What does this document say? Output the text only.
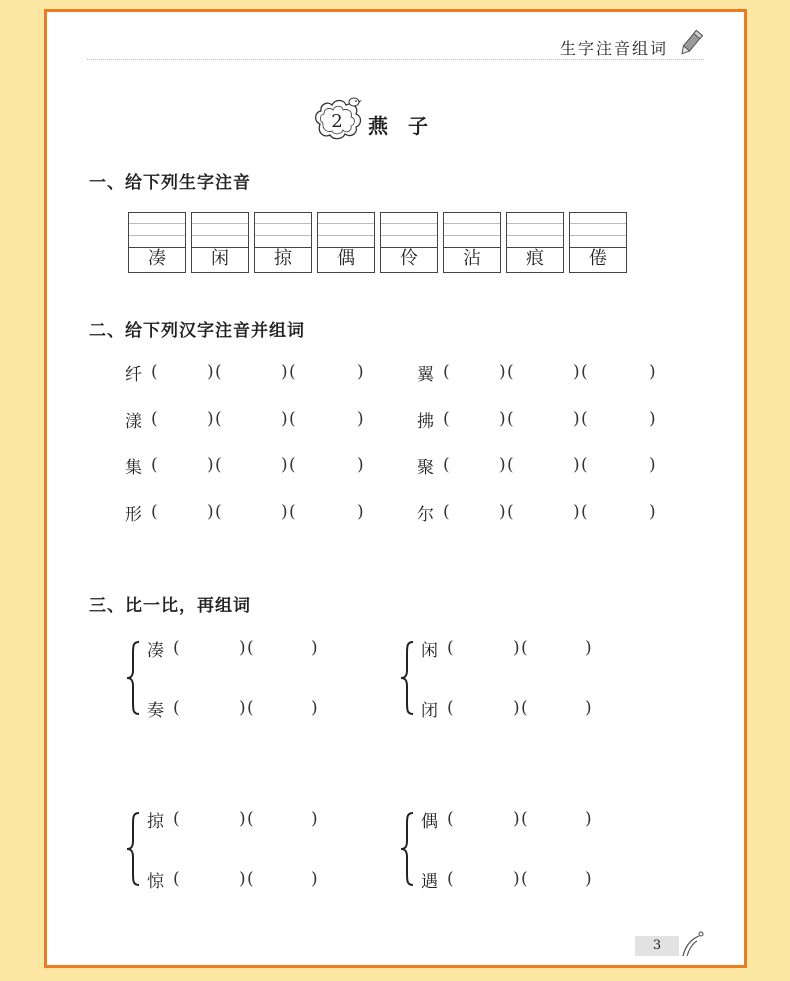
生字注音组词
2	燕子
一、给下列生字注音
凑	闲	掠	偶	伶	沾	痕	倦
二、给下列汉字注音并组词
纤 (	) (	) (	)
漾 (	) (	) (	)
集 (	) (	) (	)
形 (	) (	) (	)
翼 (	) (	) (	)
拂 (	) (	) (	)
聚 (	) (	) (	)
尔 (	) (	) (	)
三、比一比，再组词
凑 (	) (	)
奏 (	) (	)
闲 (	) (	)
闭 (	) (	)
掠 (	) (	)
惊 (	) (	)
偶 (	) (	)
遇 (	) (	)
3
